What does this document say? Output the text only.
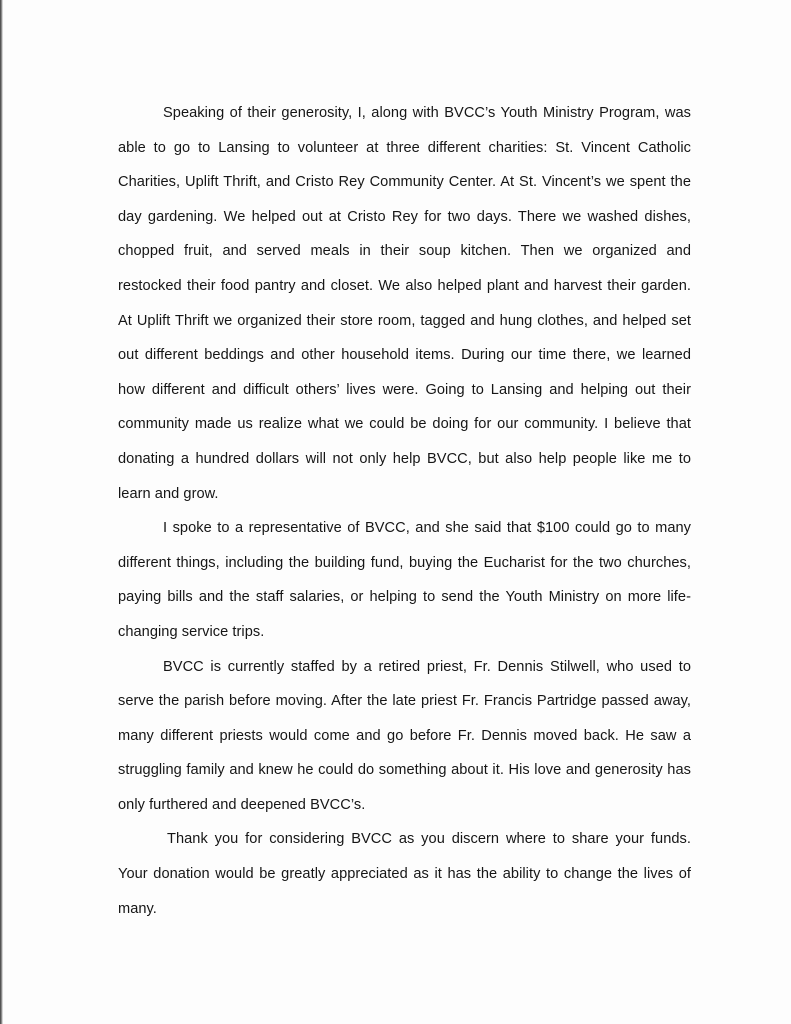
Speaking of their generosity, I, along with BVCC’s Youth Ministry Program, was able to go to Lansing to volunteer at three different charities: St. Vincent Catholic Charities, Uplift Thrift, and Cristo Rey Community Center. At St. Vincent’s we spent the day gardening. We helped out at Cristo Rey for two days. There we washed dishes, chopped fruit, and served meals in their soup kitchen. Then we organized and restocked their food pantry and closet. We also helped plant and harvest their garden. At Uplift Thrift we organized their store room, tagged and hung clothes, and helped set out different beddings and other household items. During our time there, we learned how different and difficult others’ lives were. Going to Lansing and helping out their community made us realize what we could be doing for our community. I believe that donating a hundred dollars will not only help BVCC, but also help people like me to learn and grow.

I spoke to a representative of BVCC, and she said that $100 could go to many different things, including the building fund, buying the Eucharist for the two churches, paying bills and the staff salaries, or helping to send the Youth Ministry on more life-changing service trips.

BVCC is currently staffed by a retired priest, Fr. Dennis Stilwell, who used to serve the parish before moving. After the late priest Fr. Francis Partridge passed away, many different priests would come and go before Fr. Dennis moved back. He saw a struggling family and knew he could do something about it. His love and generosity has only furthered and deepened BVCC’s.

Thank you for considering BVCC as you discern where to share your funds. Your donation would be greatly appreciated as it has the ability to change the lives of many.
